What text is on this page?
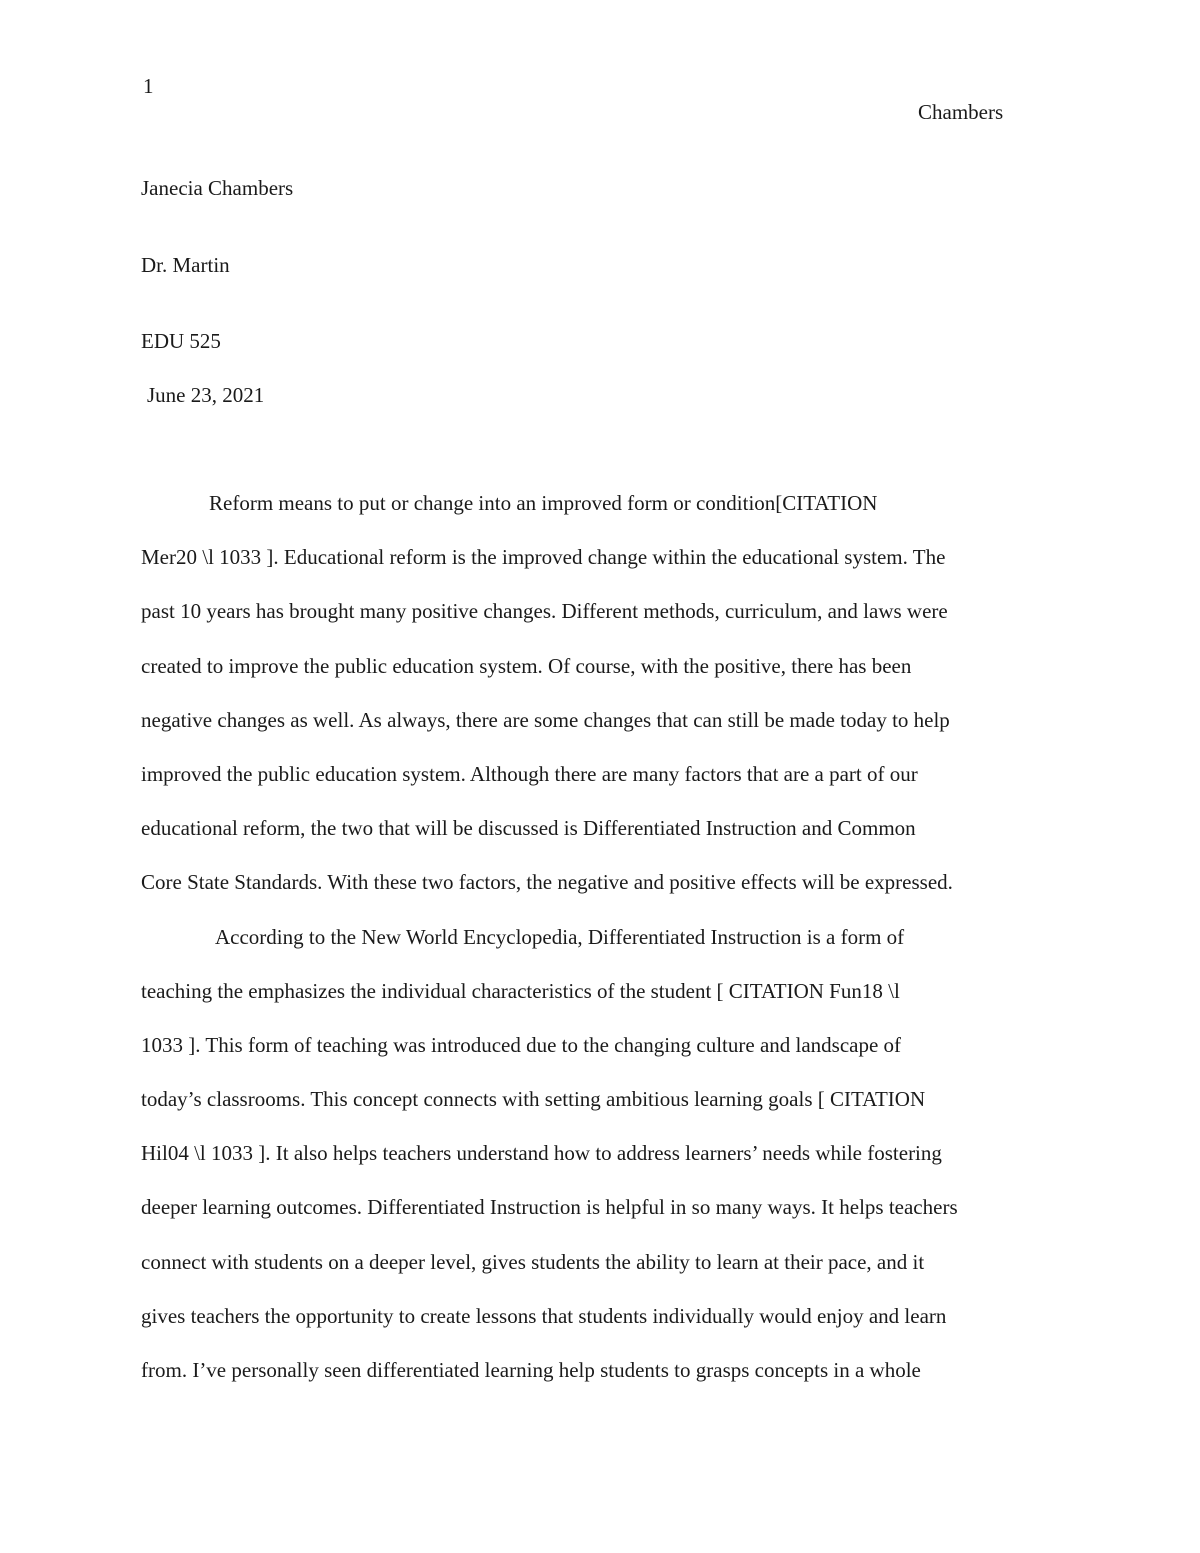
1
Chambers
Janecia Chambers
Dr. Martin
EDU 525
June 23, 2021
Reform means to put or change into an improved form or condition[CITATION
Mer20 \l 1033 ]. Educational reform is the improved change within the educational system. The
past 10 years has brought many positive changes. Different methods, curriculum, and laws were
created to improve the public education system. Of course, with the positive, there has been
negative changes as well. As always, there are some changes that can still be made today to help
improved the public education system. Although there are many factors that are a part of our
educational reform, the two that will be discussed is Differentiated Instruction and Common
Core State Standards. With these two factors, the negative and positive effects will be expressed.
According to the New World Encyclopedia, Differentiated Instruction is a form of
teaching the emphasizes the individual characteristics of the student [ CITATION Fun18 \l
1033 ]. This form of teaching was introduced due to the changing culture and landscape of
today’s classrooms. This concept connects with setting ambitious learning goals [ CITATION
Hil04 \l 1033 ]. It also helps teachers understand how to address learners’ needs while fostering
deeper learning outcomes. Differentiated Instruction is helpful in so many ways. It helps teachers
connect with students on a deeper level, gives students the ability to learn at their pace, and it
gives teachers the opportunity to create lessons that students individually would enjoy and learn
from. I’ve personally seen differentiated learning help students to grasps concepts in a whole
